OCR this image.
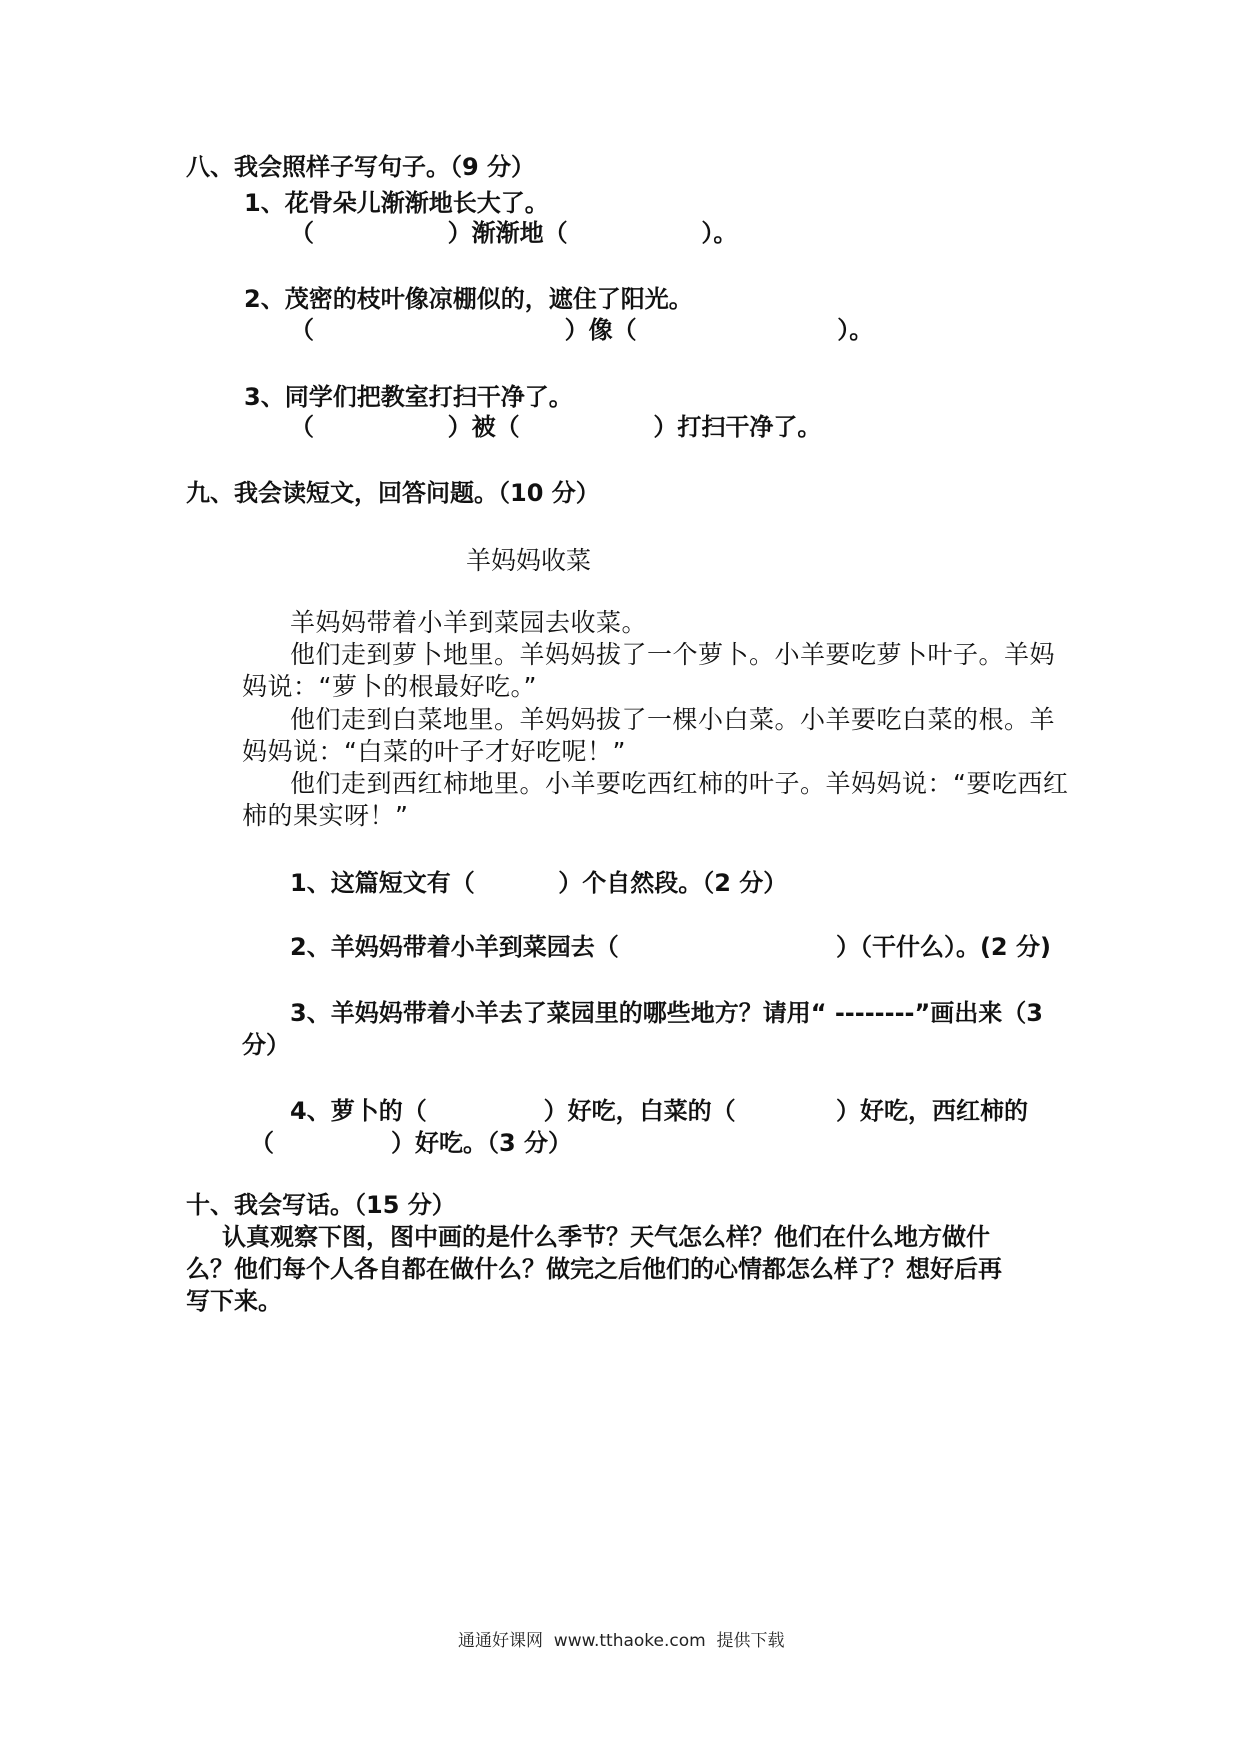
八、我会照样子写句子。（9 分）
1、花骨朵儿渐渐地长大了。
（                ）渐渐地（                ）。
2、茂密的枝叶像凉棚似的，遮住了阳光。
（                              ）像（                        ）。
3、同学们把教室打扫干净了。
（                ）被（                ）打扫干净了。
九、我会读短文，回答问题。（10 分）
羊妈妈收菜
羊妈妈带着小羊到菜园去收菜。
他们走到萝卜地里。羊妈妈拔了一个萝卜。小羊要吃萝卜叶子。羊妈
妈说：“萝卜的根最好吃。”
他们走到白菜地里。羊妈妈拔了一棵小白菜。小羊要吃白菜的根。羊
妈妈说：“白菜的叶子才好吃呢！”
他们走到西红柿地里。小羊要吃西红柿的叶子。羊妈妈说：“要吃西红
柿的果实呀！”
1、这篇短文有（          ）个自然段。（2 分）
2、羊妈妈带着小羊到菜园去（                          ）（干什么）。(2 分)
3、羊妈妈带着小羊去了菜园里的哪些地方？请用“ --------”画出来（3
分）
4、萝卜的（              ）好吃，白菜的（            ）好吃，西红柿的
（              ）好吃。（3 分）
十、我会写话。（15 分）
认真观察下图，图中画的是什么季节？天气怎么样？他们在什么地方做什
么？他们每个人各自都在做什么？做完之后他们的心情都怎么样了？想好后再
写下来。
通通好课网  www.tthaoke.com  提供下载
